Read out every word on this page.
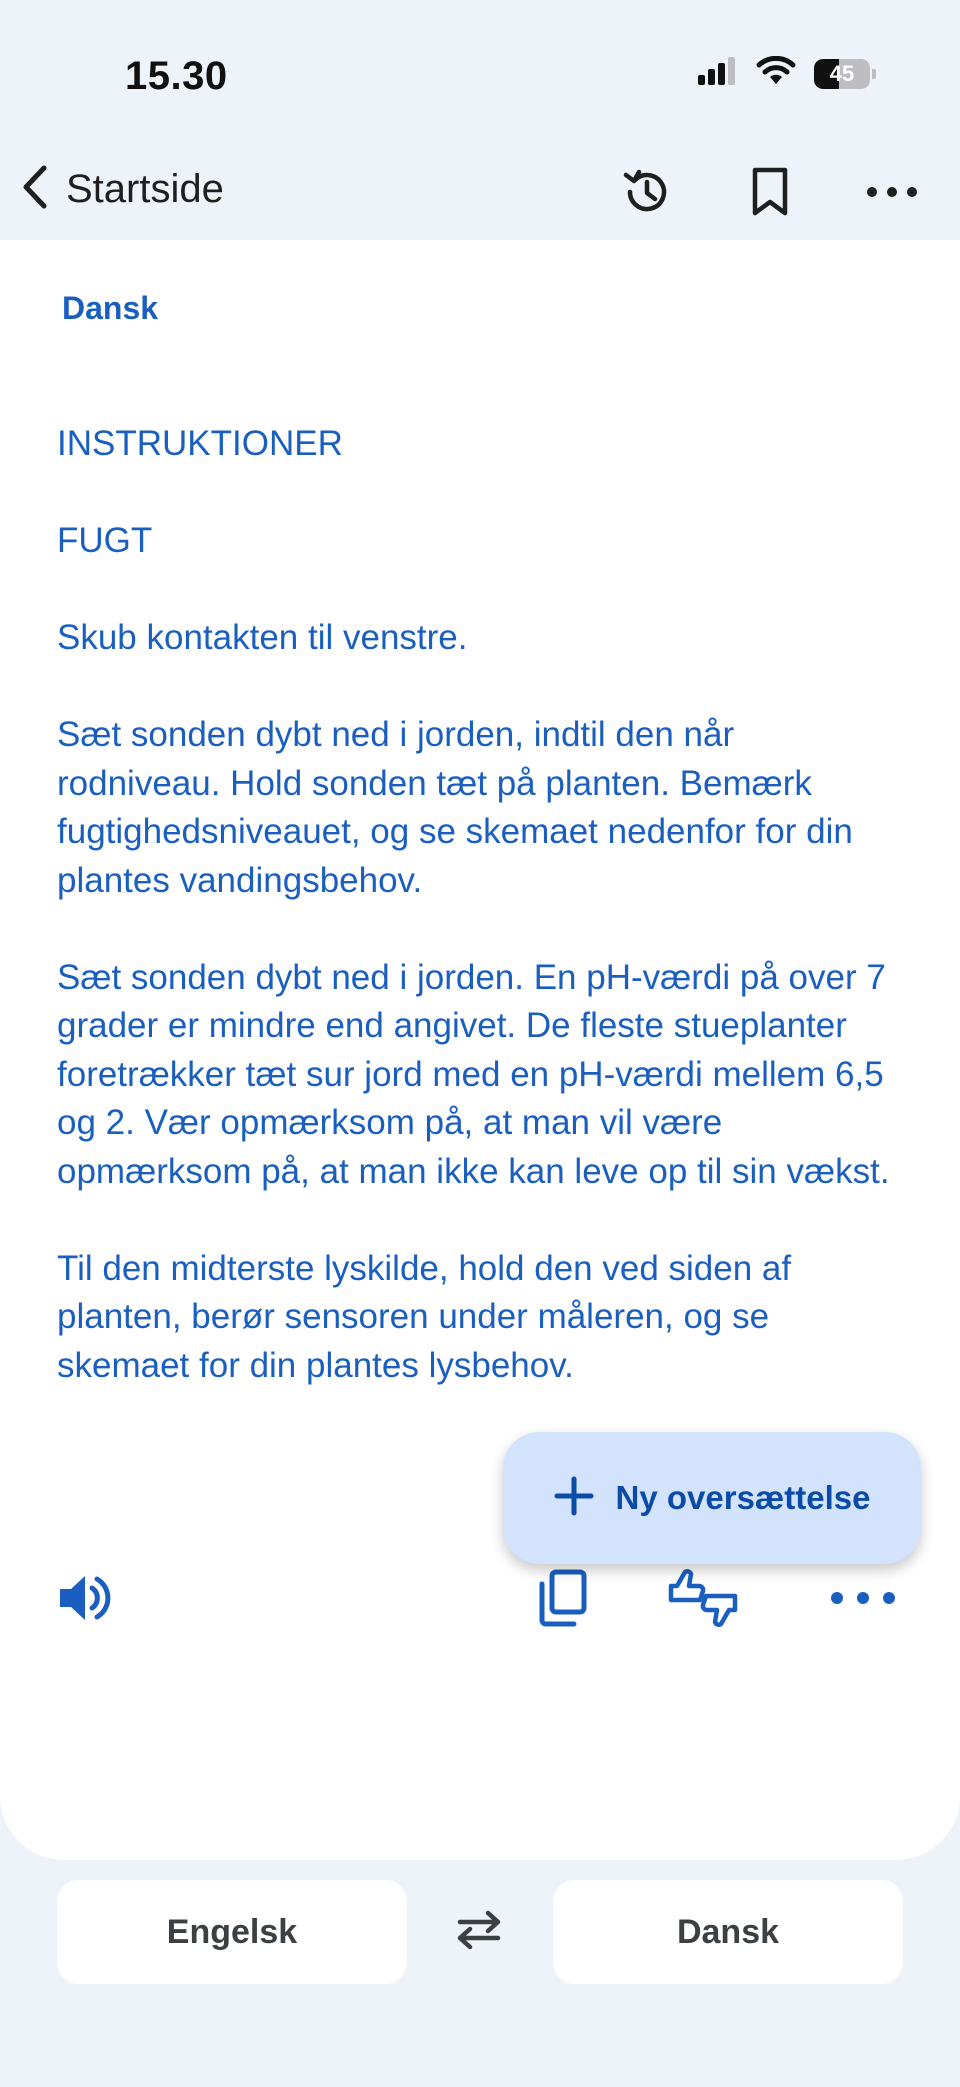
15.30	45
Startside
Dansk

INSTRUKTIONER

FUGT

Skub kontakten til venstre.

Sæt sonden dybt ned i jorden, indtil den når rodniveau. Hold sonden tæt på planten. Bemærk fugtighedsniveauet, og se skemaet nedenfor for din plantes vandingsbehov.

Sæt sonden dybt ned i jorden. En pH-værdi på over 7 grader er mindre end angivet. De fleste stueplanter foretrækker tæt sur jord med en pH-værdi mellem 6,5 og 2. Vær opmærksom på, at man vil være opmærksom på, at man ikke kan leve op til sin vækst.

Til den midterste lyskilde, hold den ved siden af planten, berør sensoren under måleren, og se skemaet for din plantes lysbehov.

Ny oversættelse
Engelsk	Dansk
